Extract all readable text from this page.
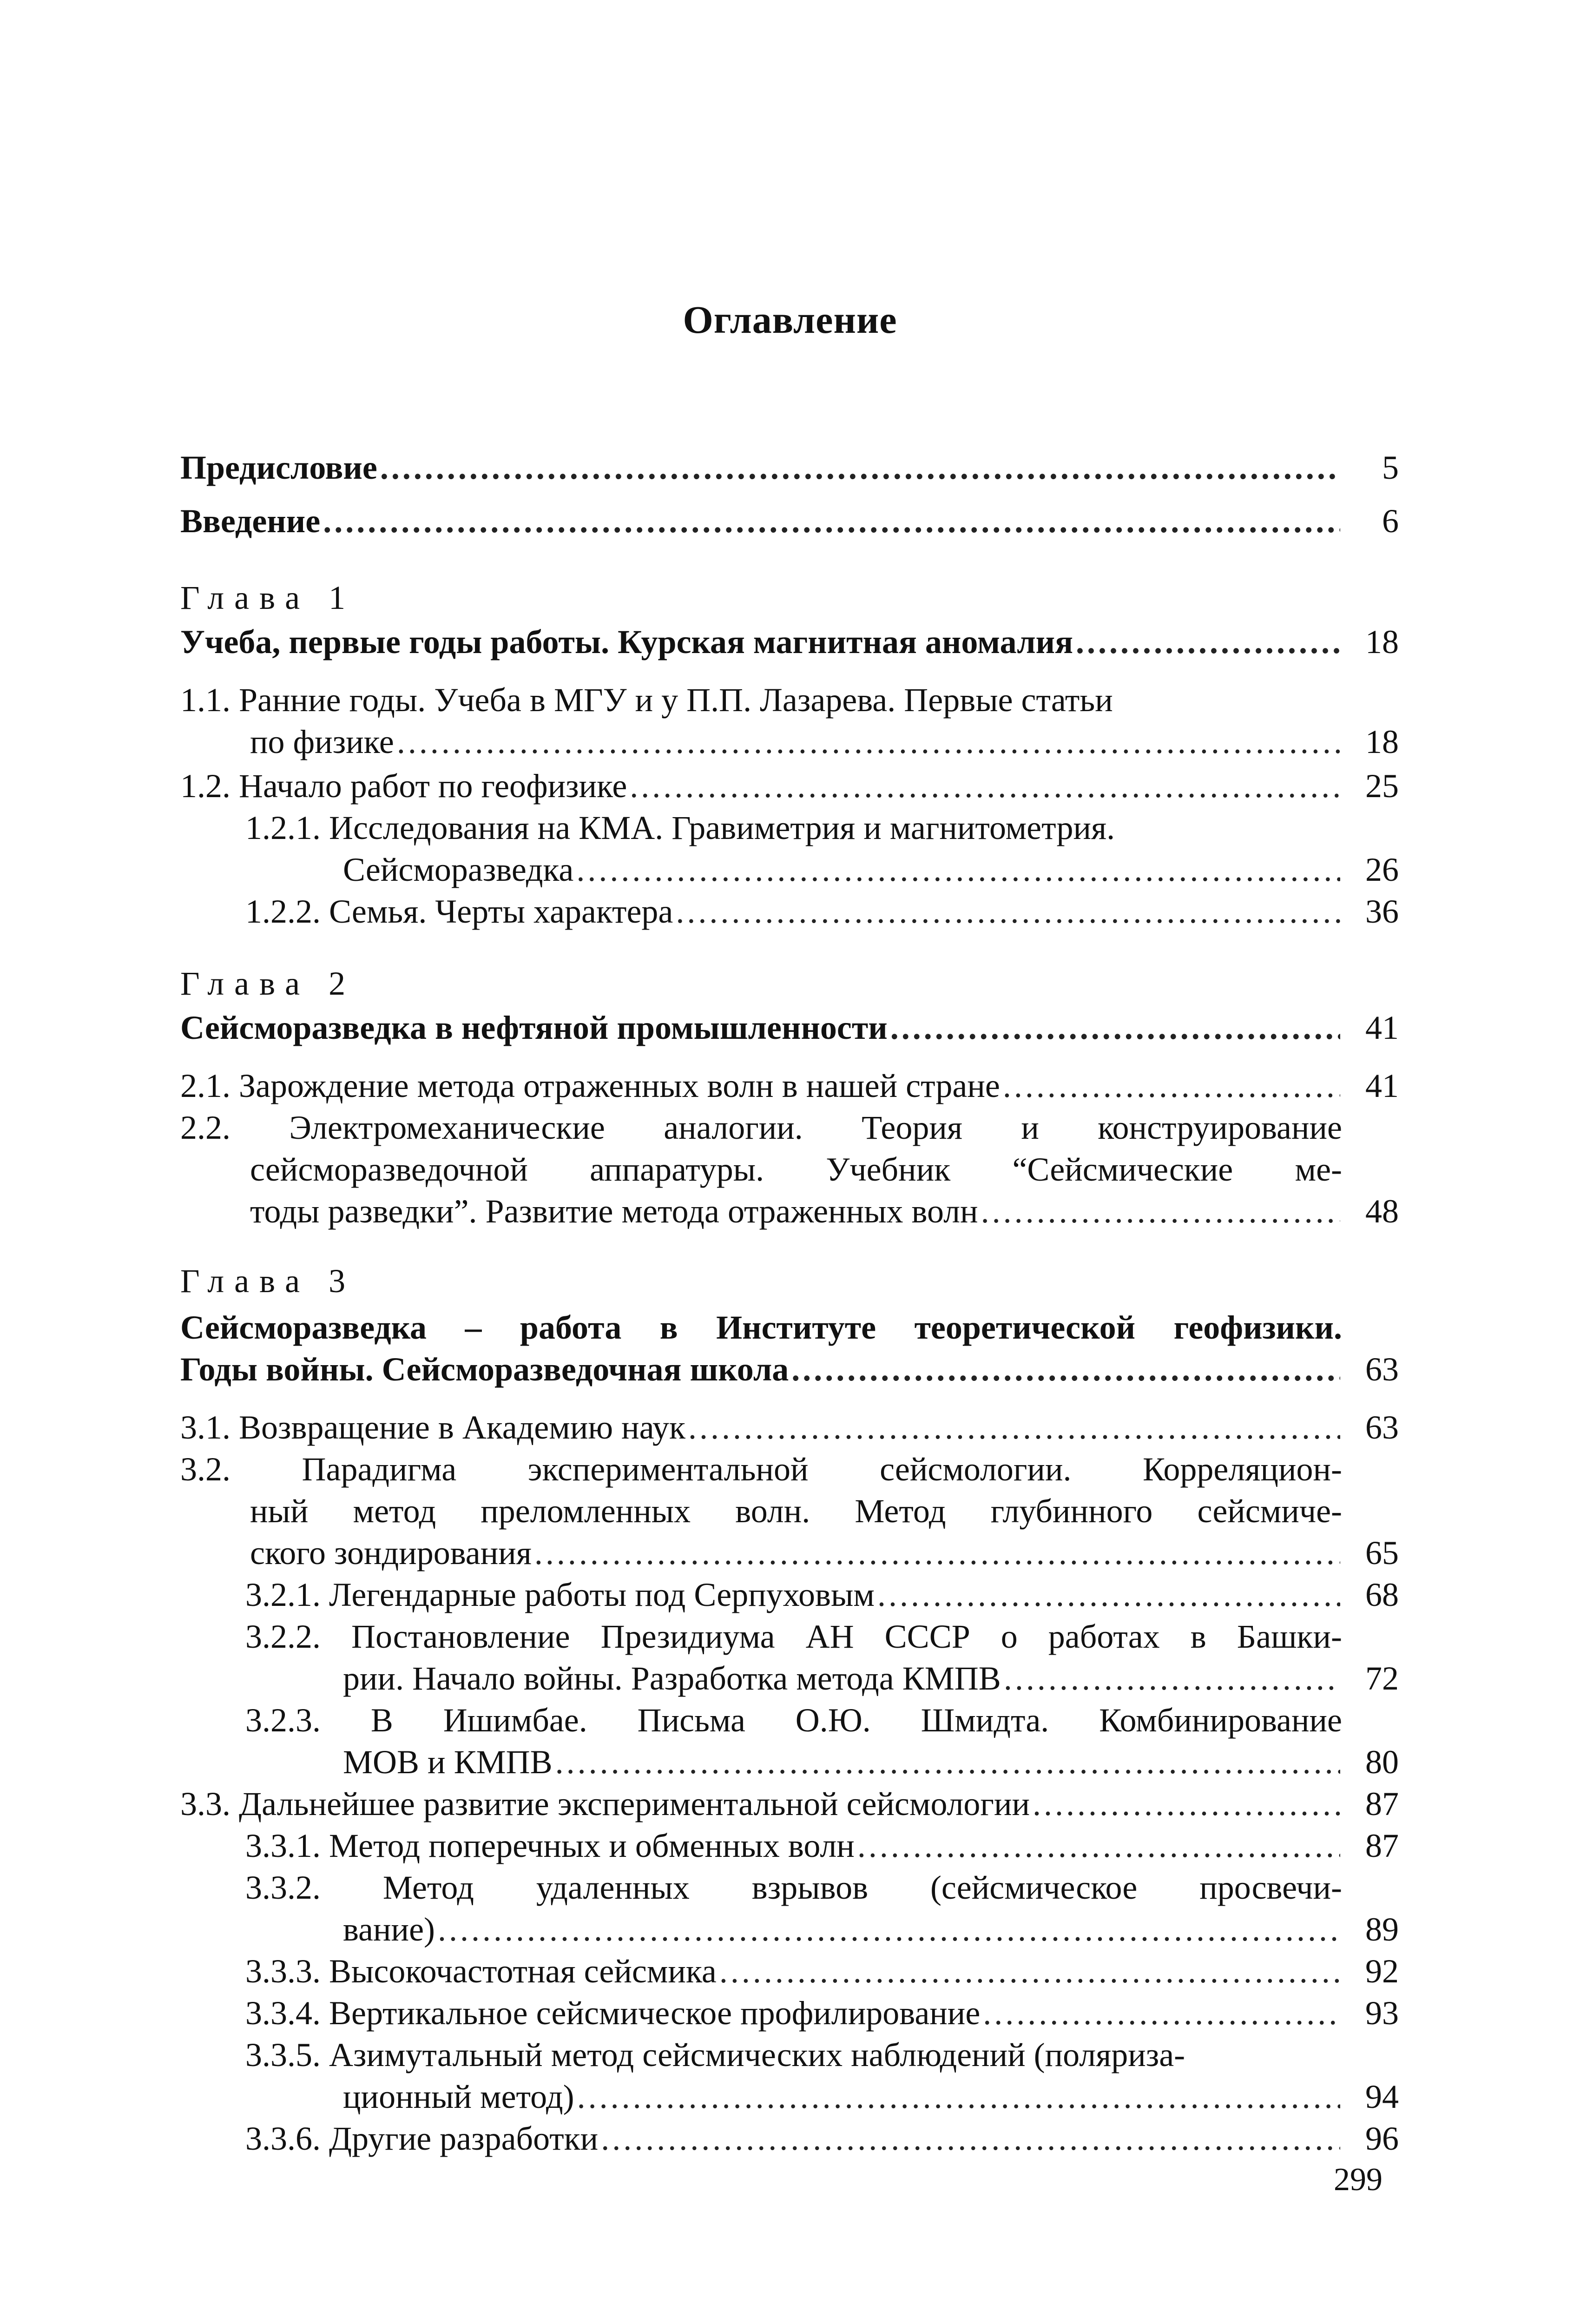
Оглавление
Предисловие . . .	5
Введение . . .	6
Глава 1
Учеба, первые годы работы. Курская магнитная аномалия . . .	18
1.1. Ранние годы. Учеба в МГУ и у П.П. Лазарева. Первые статьи
по физике . . .	18
1.2. Начало работ по геофизике . . .	25
1.2.1. Исследования на КМА. Гравиметрия и магнитометрия.
Сейсморазведка . . .	26
1.2.2. Семья. Черты характера . . .	36
Глава 2
Сейсморазведка в нефтяной промышленности . . .	41
2.1. Зарождение метода отраженных волн в нашей стране . . .	41
2.2. Электромеханические аналогии. Теория и конструирование
сейсморазведочной аппаратуры. Учебник “Сейсмические ме-
тоды разведки”. Развитие метода отраженных волн . . .	48
Глава 3
Сейсморазведка – работа в Институте теоретической геофизики.
Годы войны. Сейсморазведочная школа . . .	63
3.1. Возвращение в Академию наук . . .	63
3.2. Парадигма экспериментальной сейсмологии. Корреляцион-
ный метод преломленных волн. Метод глубинного сейсмиче-
ского зондирования . . .	65
3.2.1. Легендарные работы под Серпуховым . . .	68
3.2.2. Постановление Президиума АН СССР о работах в Башки-
рии. Начало войны. Разработка метода КМПВ . . .	72
3.2.3. В Ишимбае. Письма О.Ю. Шмидта. Комбинирование
МОВ и КМПВ . . .	80
3.3. Дальнейшее развитие экспериментальной сейсмологии . . .	87
3.3.1. Метод поперечных и обменных волн . . .	87
3.3.2. Метод удаленных взрывов (сейсмическое просвечи-
вание) . . .	89
3.3.3. Высокочастотная сейсмика . . .	92
3.3.4. Вертикальное сейсмическое профилирование . . .	93
3.3.5. Азимутальный метод сейсмических наблюдений (поляриза-
ционный метод) . . .	94
3.3.6. Другие разработки . . .	96
299
